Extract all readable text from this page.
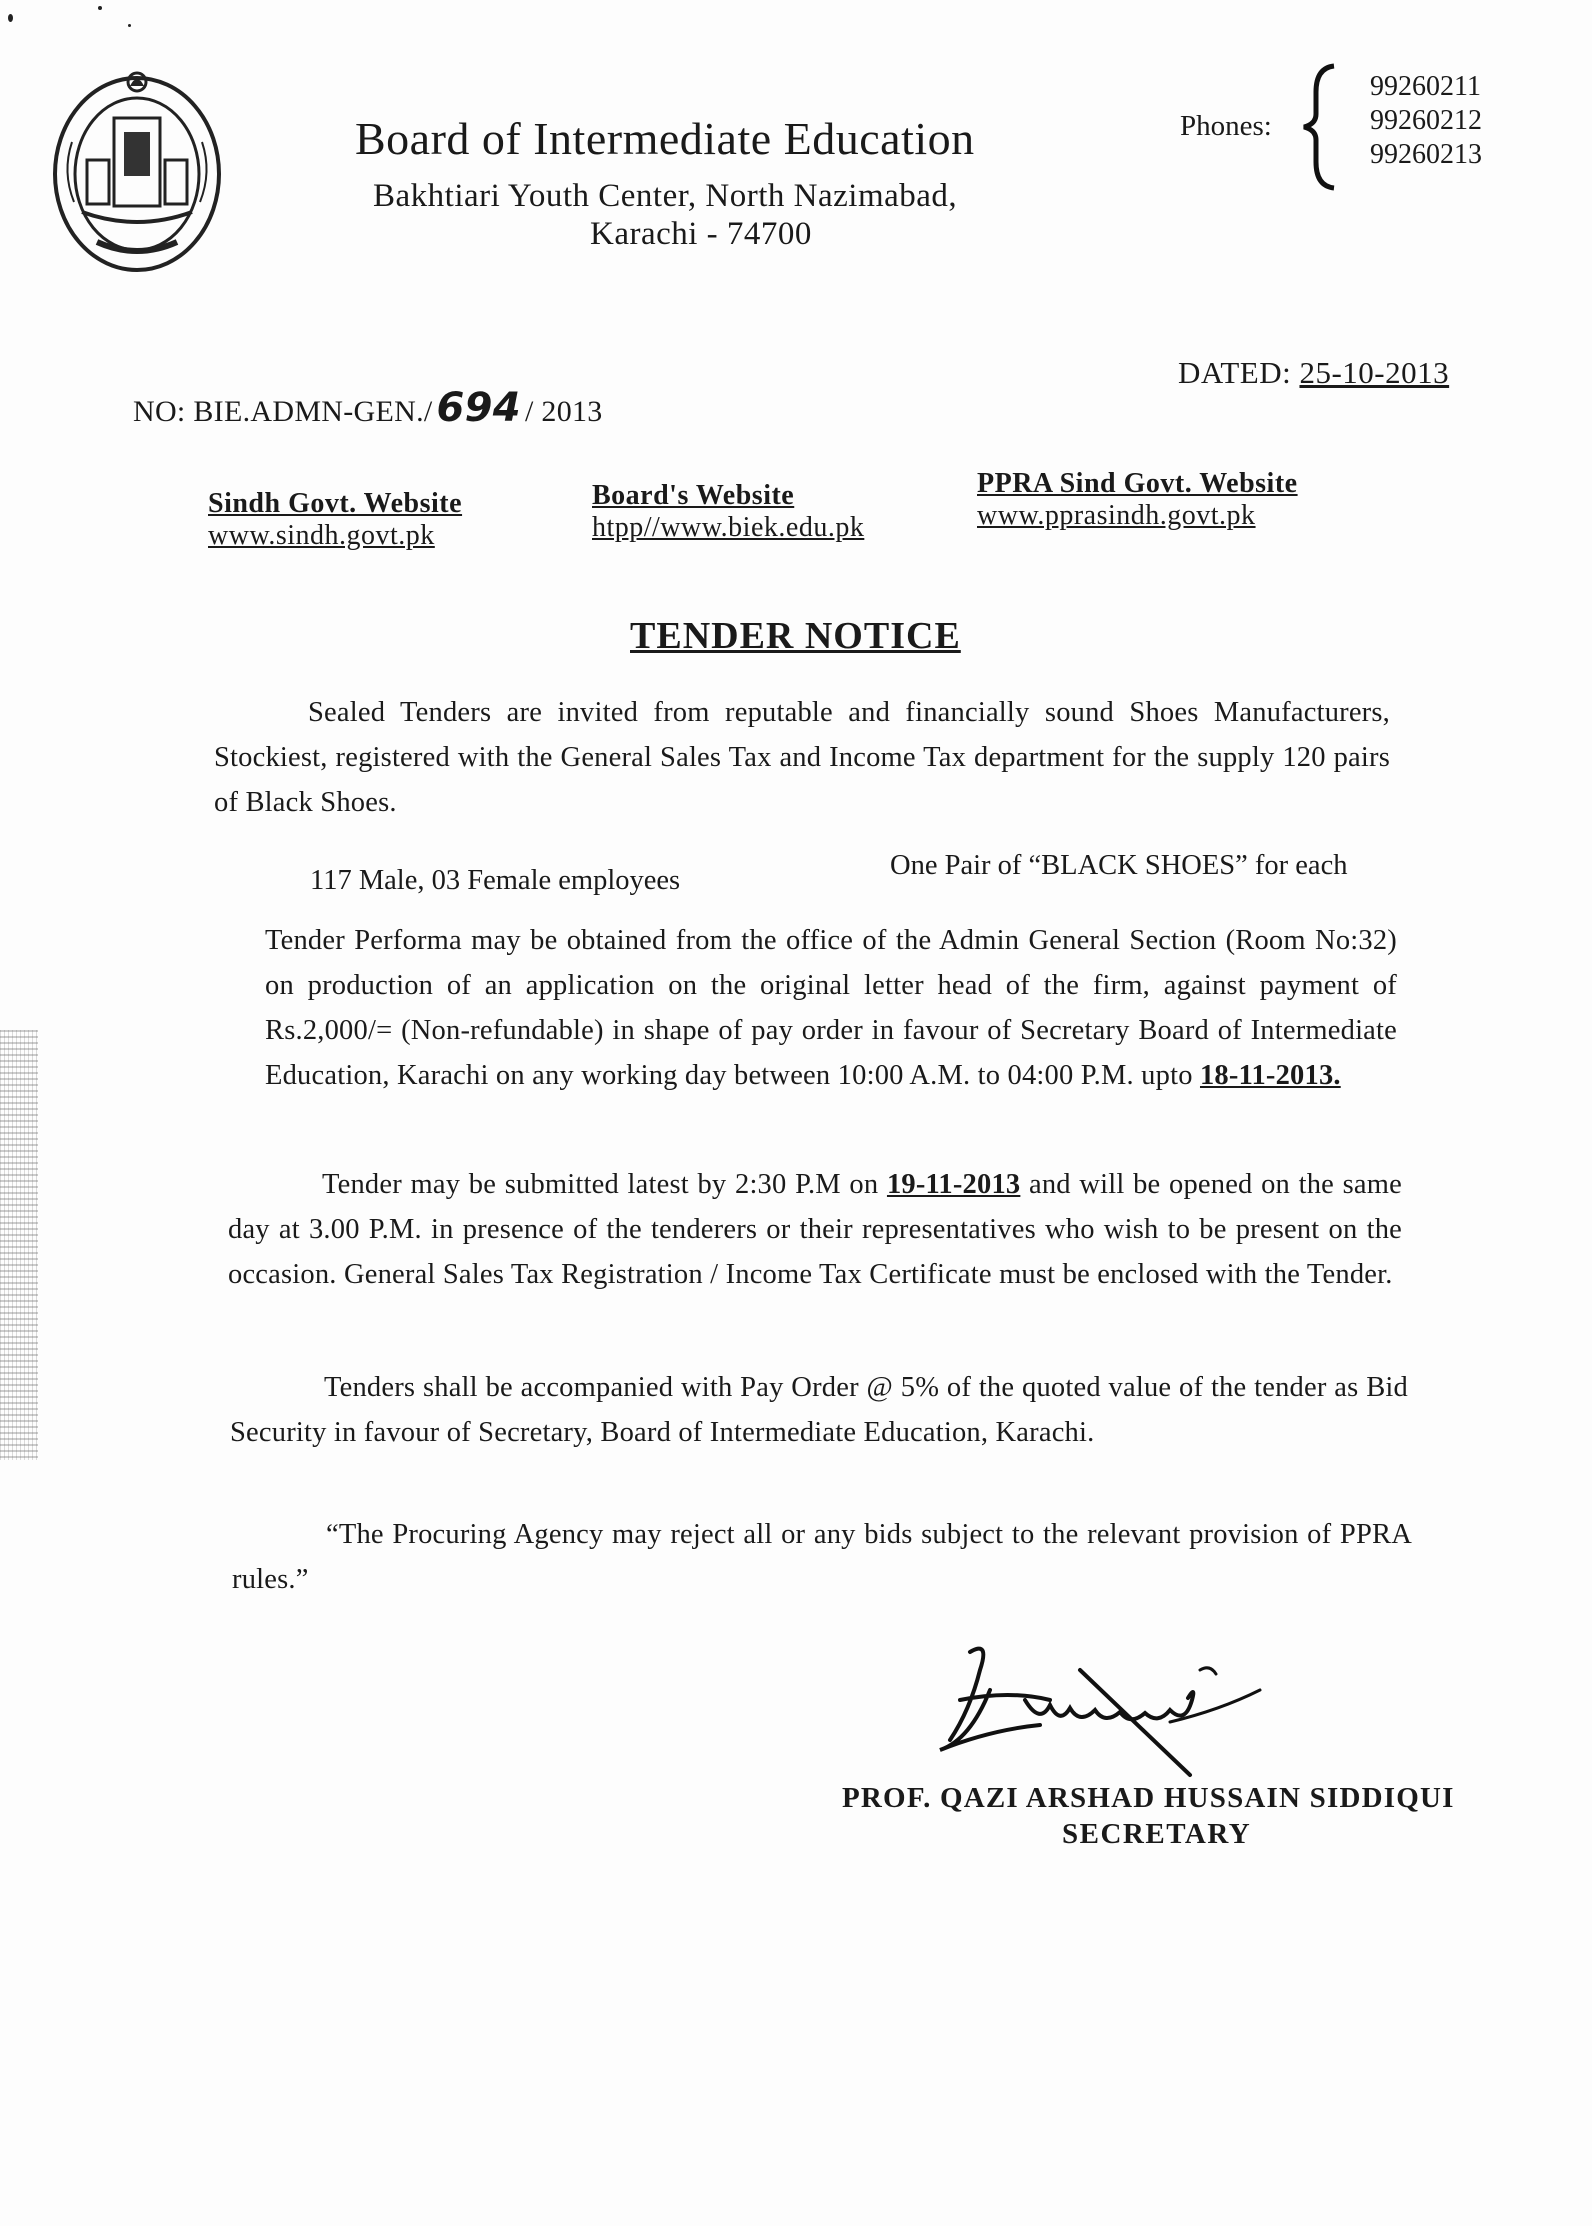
Board of Intermediate Education
Bakhtiari Youth Center, North Nazimabad,
Karachi - 74700
Phones:
99260211
99260212
99260213
NO: BIE.ADMN-GEN./ 694 / 2013
DATED: 25-10-2013
Sindh Govt. Website
www.sindh.govt.pk
Board's Website
htpp//www.biek.edu.pk
PPRA Sind Govt. Website
www.pprasindh.govt.pk
TENDER NOTICE
Sealed Tenders are invited from reputable and financially sound Shoes Manufacturers, Stockiest, registered with the General Sales Tax and Income Tax department for the supply 120 pairs of Black Shoes.
117 Male, 03 Female employees	One Pair of “BLACK SHOES” for each
Tender Performa may be obtained from the office of the Admin General Section (Room No:32) on production of an application on the original letter head of the firm, against payment of Rs.2,000/= (Non-refundable) in shape of pay order in favour of Secretary Board of Intermediate Education, Karachi on any working day between 10:00 A.M. to 04:00 P.M. upto 18-11-2013.
Tender may be submitted latest by 2:30 P.M on 19-11-2013 and will be opened on the same day at 3.00 P.M. in presence of the tenderers or their representatives who wish to be present on the occasion. General Sales Tax Registration / Income Tax Certificate must be enclosed with the Tender.
Tenders shall be accompanied with Pay Order @ 5% of the quoted value of the tender as Bid Security in favour of Secretary, Board of Intermediate Education, Karachi.
“The Procuring Agency may reject all or any bids subject to the relevant provision of PPRA rules.”
PROF. QAZI ARSHAD HUSSAIN SIDDIQUI
SECRETARY
